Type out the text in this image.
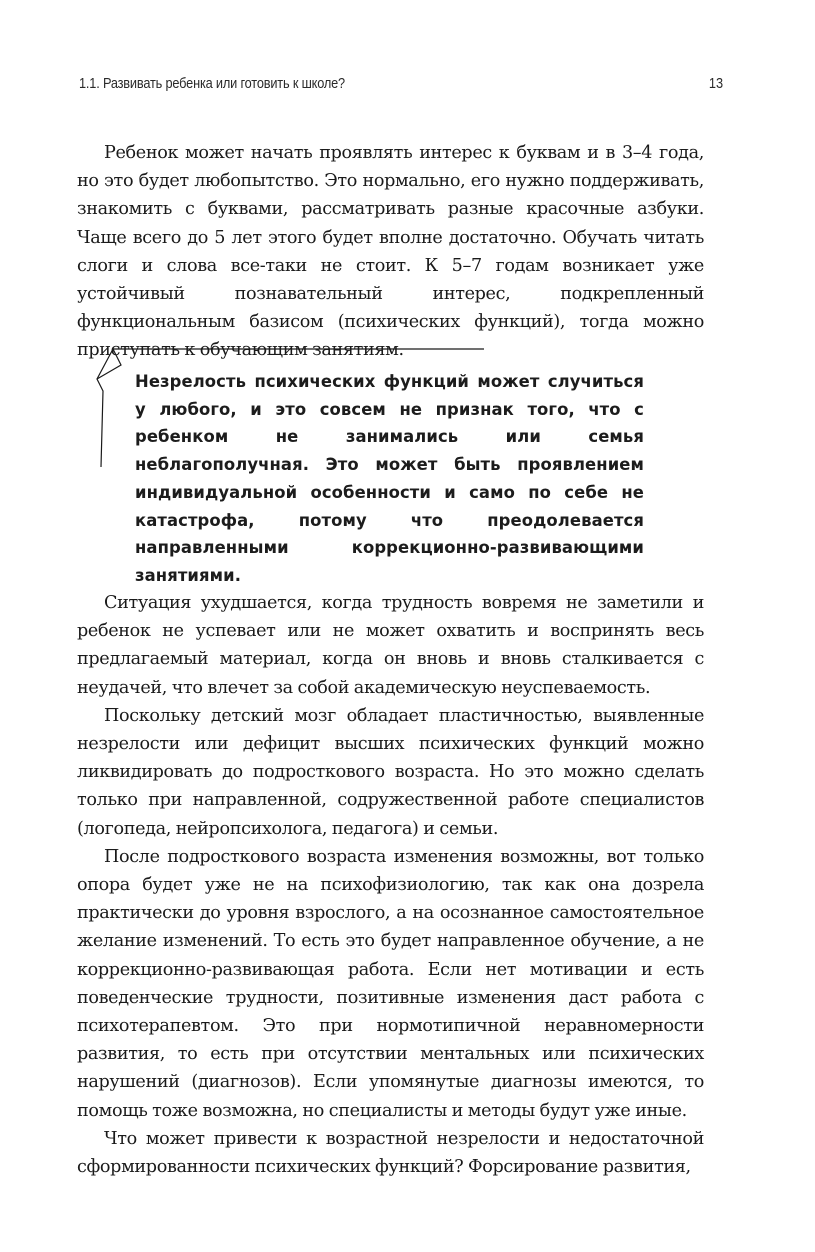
1.1. Развивать ребенка или готовить к школе?	13

Ребенок может начать проявлять интерес к буквам и в 3–4 года, но это будет любопытство. Это нормально, его нужно поддерживать, знакомить с буквами, рассматривать разные красочные азбуки. Чаще всего до 5 лет этого будет вполне достаточно. Обучать читать слоги и слова все-таки не стоит. К 5–7 годам возникает уже устойчивый познавательный интерес, подкрепленный функциональным базисом (психических функций), тогда можно приступать к обучающим занятиям.

Незрелость психических функций может случиться у любого, и это совсем не признак того, что с ребенком не занимались или семья неблагополучная. Это может быть проявлением индивидуальной особенности и само по себе не катастрофа, потому что преодолевается направленными коррекционно-развивающими занятиями.

Ситуация ухудшается, когда трудность вовремя не заметили и ребенок не успевает или не может охватить и воспринять весь предлагаемый материал, когда он вновь и вновь сталкивается с неудачей, что влечет за собой академическую неуспеваемость.

Поскольку детский мозг обладает пластичностью, выявленные незрелости или дефицит высших психических функций можно ликвидировать до подросткового возраста. Но это можно сделать только при направленной, содружественной работе специалистов (логопеда, нейропсихолога, педагога) и семьи.

После подросткового возраста изменения возможны, вот только опора будет уже не на психофизиологию, так как она дозрела практически до уровня взрослого, а на осознанное самостоятельное желание изменений. То есть это будет направленное обучение, а не коррекционно-развивающая работа. Если нет мотивации и есть поведенческие трудности, позитивные изменения даст работа с психотерапевтом. Это при нормотипичной неравномерности развития, то есть при отсутствии ментальных или психических нарушений (диагнозов). Если упомянутые диагнозы имеются, то помощь тоже возможна, но специалисты и методы будут уже иные.

Что может привести к возрастной незрелости и недостаточной сформированности психических функций? Форсирование развития,
